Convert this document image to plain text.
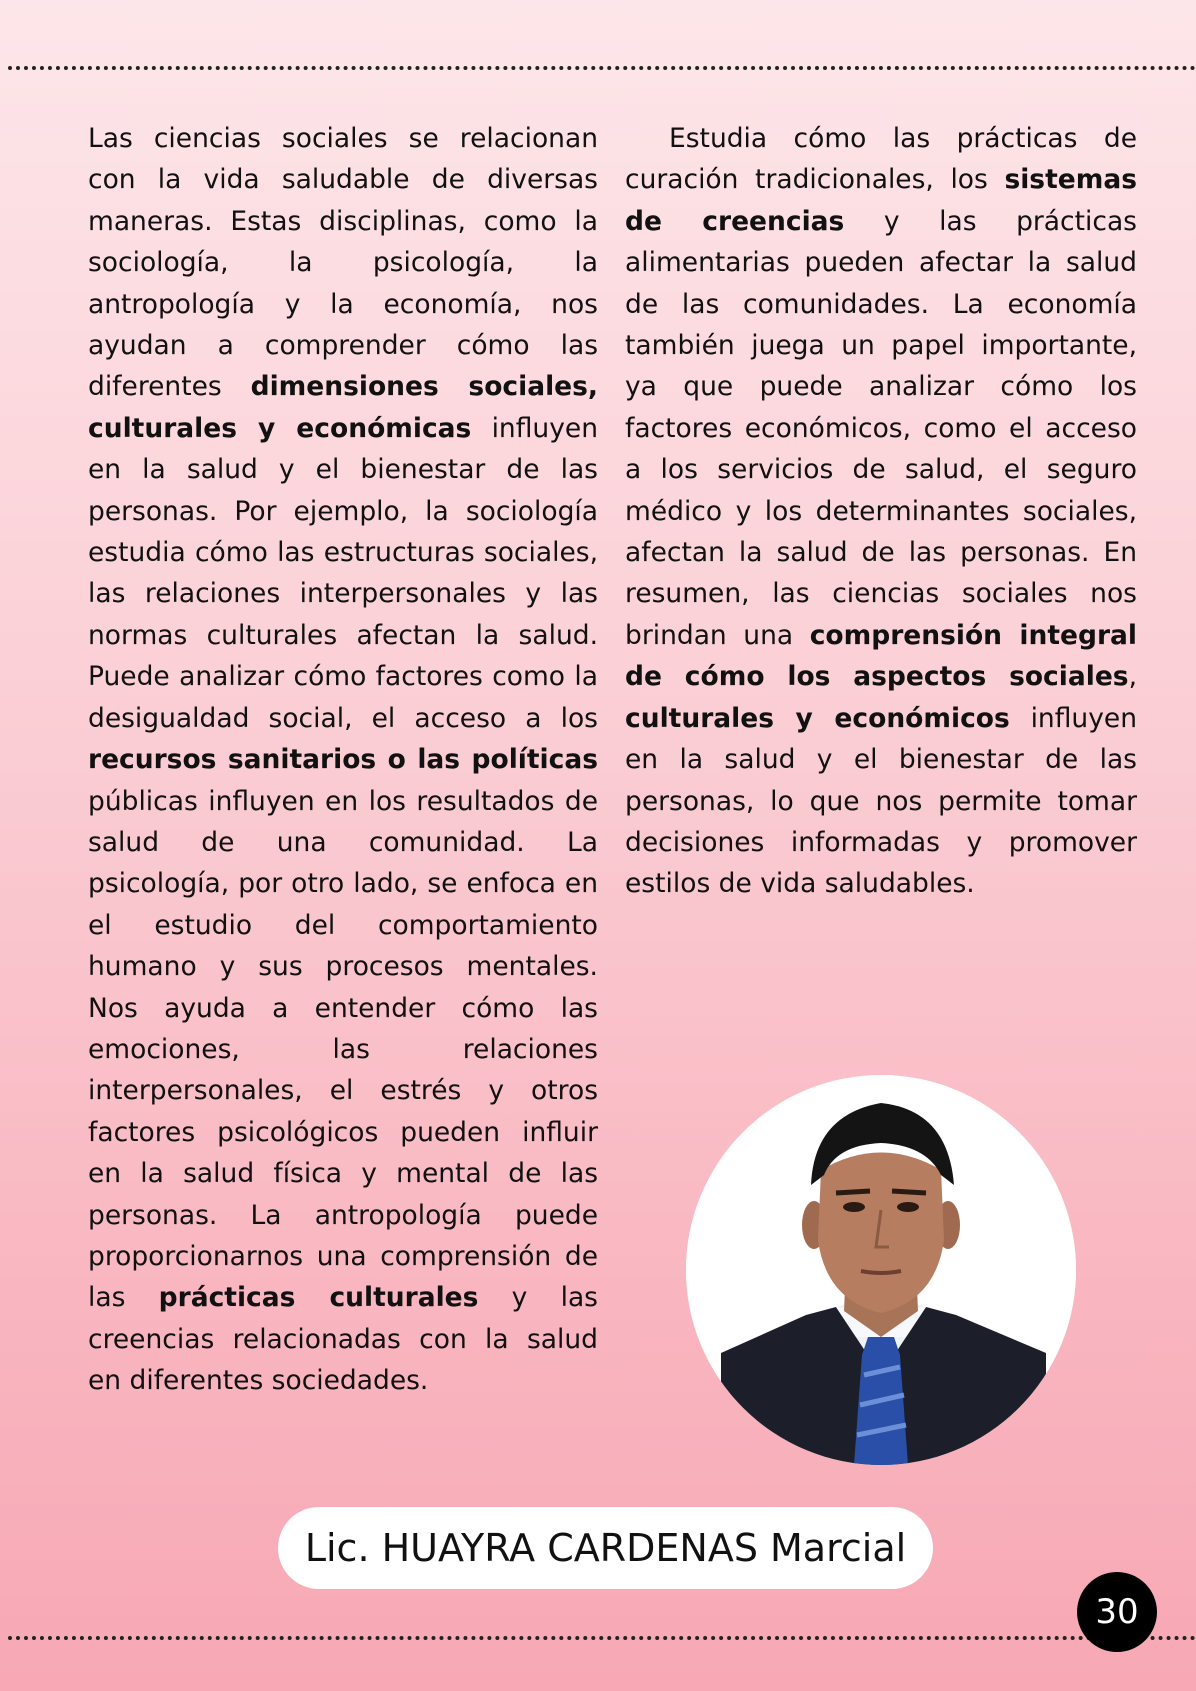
Las ciencias sociales se relacionan con la vida saludable de diversas maneras. Estas disciplinas, como la sociología, la psicología, la antropología y la economía, nos ayudan a comprender cómo las diferentes dimensiones sociales, culturales y económicas influyen en la salud y el bienestar de las personas. Por ejemplo, la sociología estudia cómo las estructuras sociales, las relaciones interpersonales y las normas culturales afectan la salud. Puede analizar cómo factores como la desigualdad social, el acceso a los recursos sanitarios o las políticas públicas influyen en los resultados de salud de una comunidad. La psicología, por otro lado, se enfoca en el estudio del comportamiento humano y sus procesos mentales. Nos ayuda a entender cómo las emociones, las relaciones interpersonales, el estrés y otros factores psicológicos pueden influir en la salud física y mental de las personas. La antropología puede proporcionarnos una comprensión de las prácticas culturales y las creencias relacionadas con la salud en diferentes sociedades.
Estudia cómo las prácticas de curación tradicionales, los sistemas de creencias y las prácticas alimentarias pueden afectar la salud de las comunidades. La economía también juega un papel importante, ya que puede analizar cómo los factores económicos, como el acceso a los servicios de salud, el seguro médico y los determinantes sociales, afectan la salud de las personas. En resumen, las ciencias sociales nos brindan una comprensión integral de cómo los aspectos sociales, culturales y económicos influyen en la salud y el bienestar de las personas, lo que nos permite tomar decisiones informadas y promover estilos de vida saludables.
Lic. HUAYRA CARDENAS Marcial
30
